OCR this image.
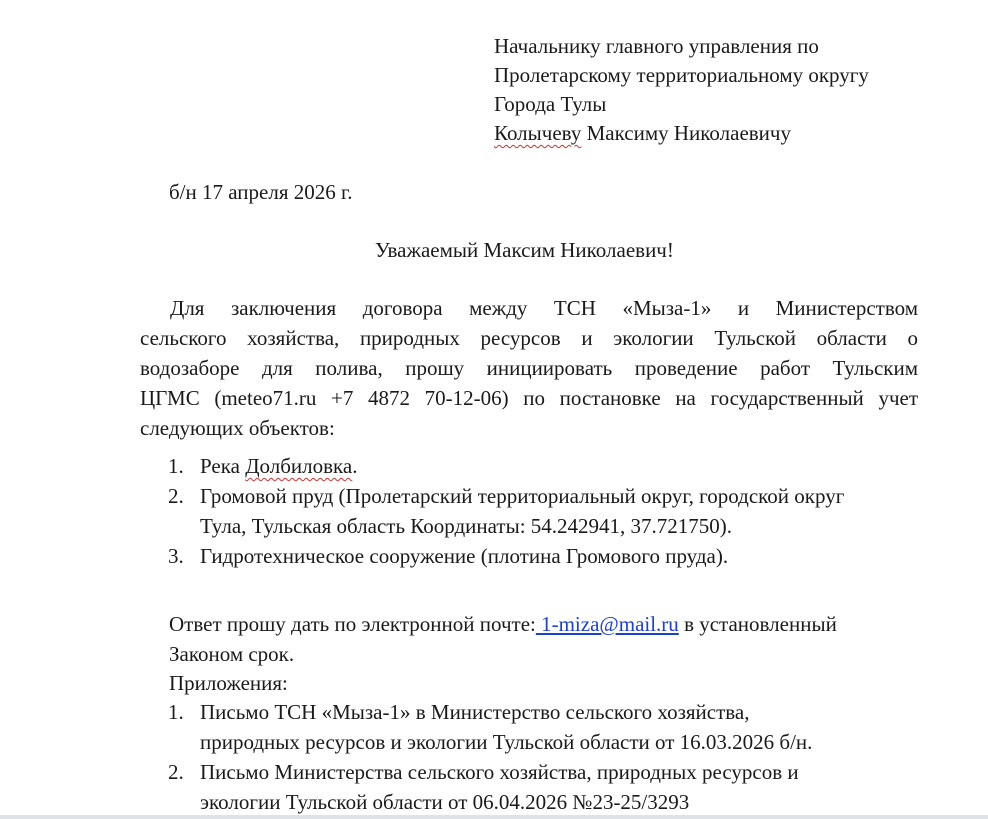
Начальнику главного управления по
Пролетарскому территориальному округу
Города Тулы
Колычеву Максиму Николаевичу
б/н 17 апреля 2026 г.
Уважаемый Максим Николаевич!
Для заключения договора между ТСН «Мыза-1» и Министерством
сельского хозяйства, природных ресурсов и экологии Тульской области о
водозаборе для полива, прошу инициировать проведение работ Тульским
ЦГМС (meteo71.ru +7 4872 70-12-06) по постановке на государственный учет
следующих объектов:
1. Река Долбиловка.
2. Громовой пруд (Пролетарский территориальный округ, городской округ
Тула, Тульская область Координаты: 54.242941, 37.721750).
3. Гидротехническое сооружение (плотина Громового пруда).
Ответ прошу дать по электронной почте: 1-miza@mail.ru в установленный
Законом срок.
Приложения:
1. Письмо ТСН «Мыза-1» в Министерство сельского хозяйства,
природных ресурсов и экологии Тульской области от 16.03.2026 б/н.
2. Письмо Министерства сельского хозяйства, природных ресурсов и
экологии Тульской области от 06.04.2026 №23-25/3293
